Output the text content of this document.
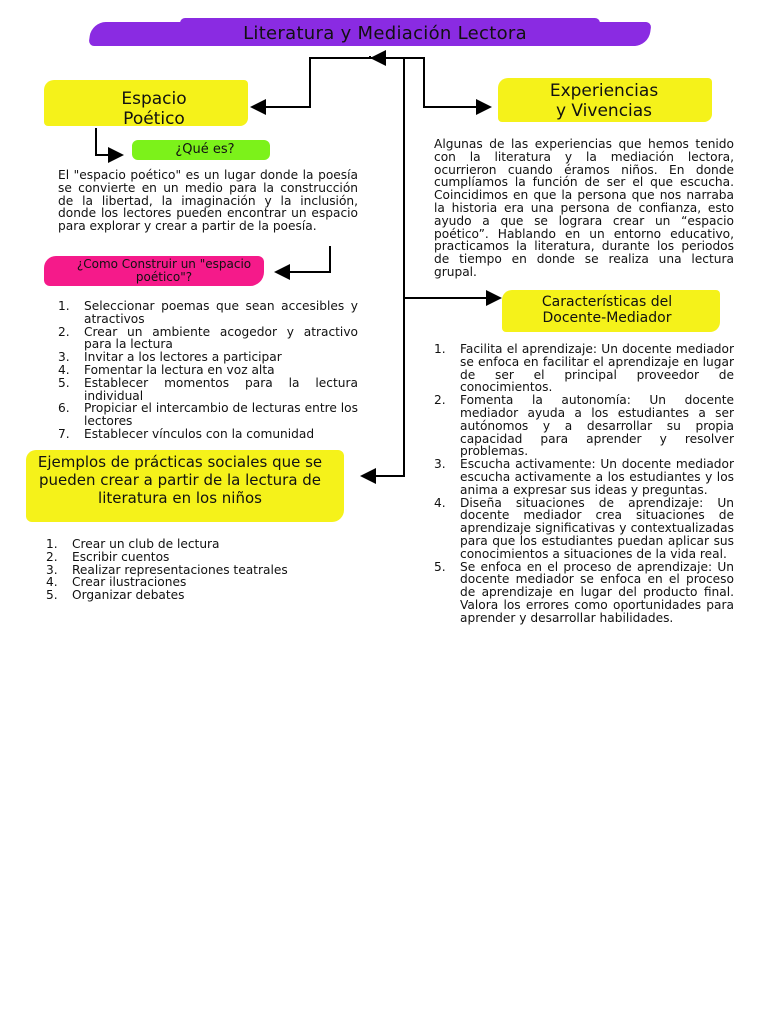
Literatura y Mediación Lectora
Espacio
Poético
¿Qué es?
El "espacio poético" es un lugar donde la poesía se convierte en un medio para la construcción de la libertad, la imaginación y la inclusión, donde los lectores pueden encontrar un espacio para explorar y crear a partir de la poesía.
¿Como Construir un "espacio poético"?
Seleccionar poemas que sean accesibles y atractivos
Crear un ambiente acogedor y atractivo para la lectura
Invitar a los lectores a participar
Fomentar la lectura en voz alta
Establecer momentos para la lectura individual
Propiciar el intercambio de lecturas entre los lectores
Establecer vínculos con la comunidad
Ejemplos de prácticas sociales que se pueden crear a partir de la lectura de literatura en los niños
Crear un club de lectura
Escribir cuentos
Realizar representaciones teatrales
Crear ilustraciones
Organizar debates
Experiencias
y Vivencias
Algunas de las experiencias que hemos tenido con la literatura y la mediación lectora, ocurrieron cuando éramos niños. En donde cumplíamos la función de ser el que escucha. Coincidimos en que la persona que nos narraba la historia era una persona de confianza, esto ayudo a que se lograra crear un “espacio poético”. Hablando en un entorno educativo, practicamos la literatura, durante los periodos de tiempo en donde se realiza una lectura grupal.
Características del
Docente-Mediador
Facilita el aprendizaje: Un docente mediador se enfoca en facilitar el aprendizaje en lugar de ser el principal proveedor de conocimientos.
Fomenta la autonomía: Un docente mediador ayuda a los estudiantes a ser autónomos y a desarrollar su propia capacidad para aprender y resolver problemas.
Escucha activamente: Un docente mediador escucha activamente a los estudiantes y los anima a expresar sus ideas y preguntas.
Diseña situaciones de aprendizaje: Un docente mediador crea situaciones de aprendizaje significativas y contextualizadas para que los estudiantes puedan aplicar sus conocimientos a situaciones de la vida real.
Se enfoca en el proceso de aprendizaje: Un docente mediador se enfoca en el proceso de aprendizaje en lugar del producto final. Valora los errores como oportunidades para aprender y desarrollar habilidades.
